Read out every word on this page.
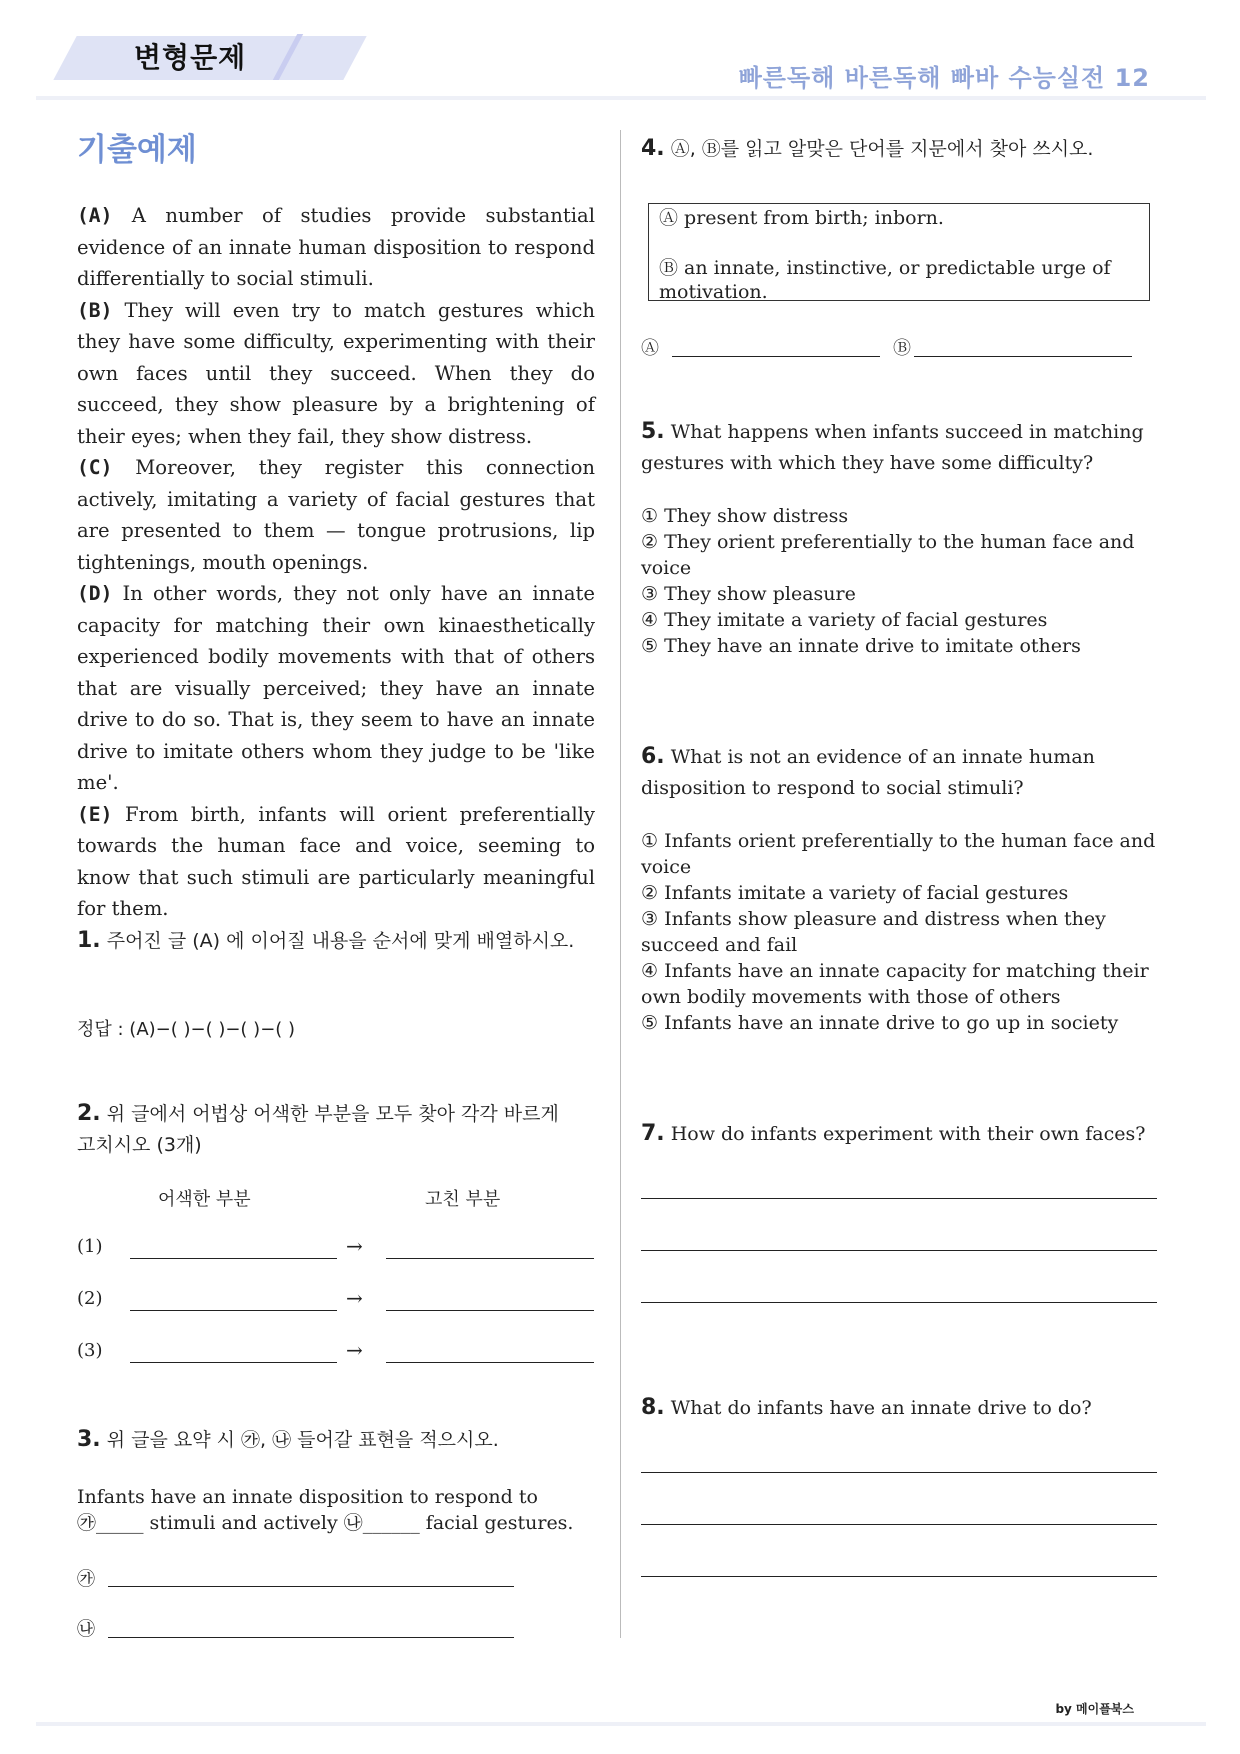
변형문제
빠른독해 바른독해 빠바 수능실전 12
기출예제
(A) A number of studies provide substantial evidence of an innate human disposition to respond differentially to social stimuli.
(B) They will even try to match gestures which they have some difficulty, experimenting with their own faces until they succeed. When they do succeed, they show pleasure by a brightening of their eyes; when they fail, they show distress.
(C) Moreover, they register this connection actively, imitating a variety of facial gestures that are presented to them — tongue protrusions, lip tightenings, mouth openings.
(D) In other words, they not only have an innate capacity for matching their own kinaesthetically experienced bodily movements with that of others that are visually perceived; they have an innate drive to do so. That is, they seem to have an innate drive to imitate others whom they judge to be 'like me'.
(E) From birth, infants will orient preferentially towards the human face and voice, seeming to know that such stimuli are particularly meaningful for them.
1. 주어진 글 (A) 에 이어질 내용을 순서에 맞게 배열하시오.
정답 : (A)−( )−( )−( )−( )
2. 위 글에서 어법상 어색한 부분을 모두 찾아 각각 바르게 고치시오 (3개)
어색한 부분	고친 부분
(1)	→
(2)	→
(3)	→
3. 위 글을 요약 시 ㉮, ㉯ 들어갈 표현을 적으시오.
Infants have an innate disposition to respond to
㉮_____ stimuli and actively ㉯______ facial gestures.
㉮
㉯
4. Ⓐ, Ⓑ를 읽고 알맞은 단어를 지문에서 찾아 쓰시오.
Ⓐ present from birth; inborn.
Ⓑ an innate, instinctive, or predictable urge of motivation.
Ⓐ	Ⓑ
5. What happens when infants succeed in matching gestures with which they have some difficulty?
① They show distress
② They orient preferentially to the human face and voice
③ They show pleasure
④ They imitate a variety of facial gestures
⑤ They have an innate drive to imitate others
6. What is not an evidence of an innate human disposition to respond to social stimuli?
① Infants orient preferentially to the human face and voice
② Infants imitate a variety of facial gestures
③ Infants show pleasure and distress when they succeed and fail
④ Infants have an innate capacity for matching their own bodily movements with those of others
⑤ Infants have an innate drive to go up in society
7. How do infants experiment with their own faces?
8. What do infants have an innate drive to do?
by 메이플북스
